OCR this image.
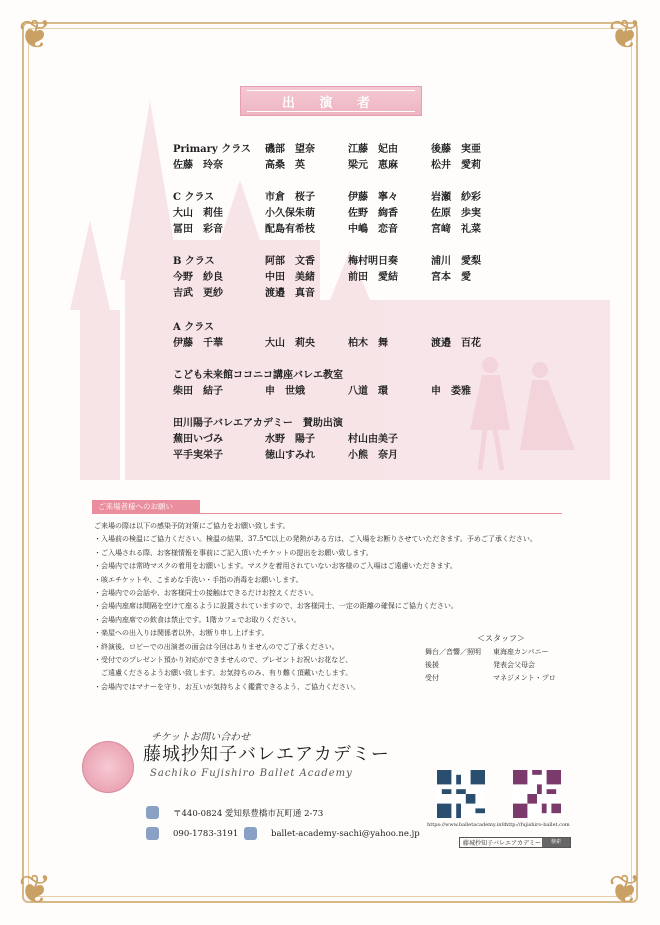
❦	❦
❦	❦
出 演 者
Primary クラス 磯部　望奈	江藤　妃由	後藤　実亜
佐藤　玲奈	高桑　英	梁元　恵麻	松井　愛莉
C クラス	市倉　桜子	伊藤　寧々	岩瀬　紗彩
大山　莉佳	小久保朱萌	佐野　絢香	佐原　歩実
冨田　彩音	配島有希枝	中嶋　恋音	宮﨑　礼菜
B クラス	阿部　文香	梅村明日奏	浦川　愛梨
今野　紗良	中田　美緒	前田　愛結	宮本　愛
吉武　更紗	渡邉　真音
A クラス
伊藤　千華	大山　莉央	柏木　舞	渡邉　百花
こども未来館ココニコ講座バレエ教室
柴田　結子	申　世娥	八道　環	申　娄雅
田川陽子バレエアカデミー　賛助出演
蕪田いづみ	水野　陽子	村山由美子
平手実栄子	徳山すみれ	小熊　奈月
ご来場者様へのお願い
ご来場の際は以下の感染予防対策にご協力をお願い致します。
・入場前の検温にご協力ください。検温の結果、37.5℃以上の発熱がある方は、ご入場をお断りさせていただきます。予めご了承ください。
・ご入場される際、お客様情報を事前にご記入頂いたチケットの提出をお願い致します。
・会場内では常時マスクの着用をお願いします。マスクを着用されていないお客様のご入場はご遠慮いただきます。
・咳エチケットや、こまめな手洗い・手指の消毒をお願いします。
・会場内での会話や、お客様同士の接触はできるだけお控えください。
・会場内座席は間隔を空けて座るように設置されていますので、お客様同士、一定の距離の確保にご協力ください。
・会場内座席での飲食は禁止です。1階カフェでお取りください。
・楽屋への出入りは関係者以外、お断り申し上げます。
・終演後、ロビーでの出演者の面会は今回はありませんのでご了承ください。
・受付でのプレゼント預かり対応ができませんので、プレゼントお祝いお花など、
　ご遠慮くださるようお願い致します。お気持ちのみ、有り難く頂戴いたします。
・会場内ではマナーを守り、お互いが気持ちよく鑑賞できるよう、ご協力ください。
＜スタッフ＞
舞台／音響／照明 東海座カンパニー
後援	発表会父母会
受付	マネジメント・プロ
チケットお問い合わせ
藤城抄知子バレエアカデミー
Sachiko Fujishiro Ballet Academy
〒440-0824 愛知県豊橋市瓦町通 2-73
090-1783-3191	ballet-academy-sachi@yahoo.ne.jp
https://www.balletacademy.info
http://fujishiro-ballet.com
藤城抄知子バレエアカデミー	検索
